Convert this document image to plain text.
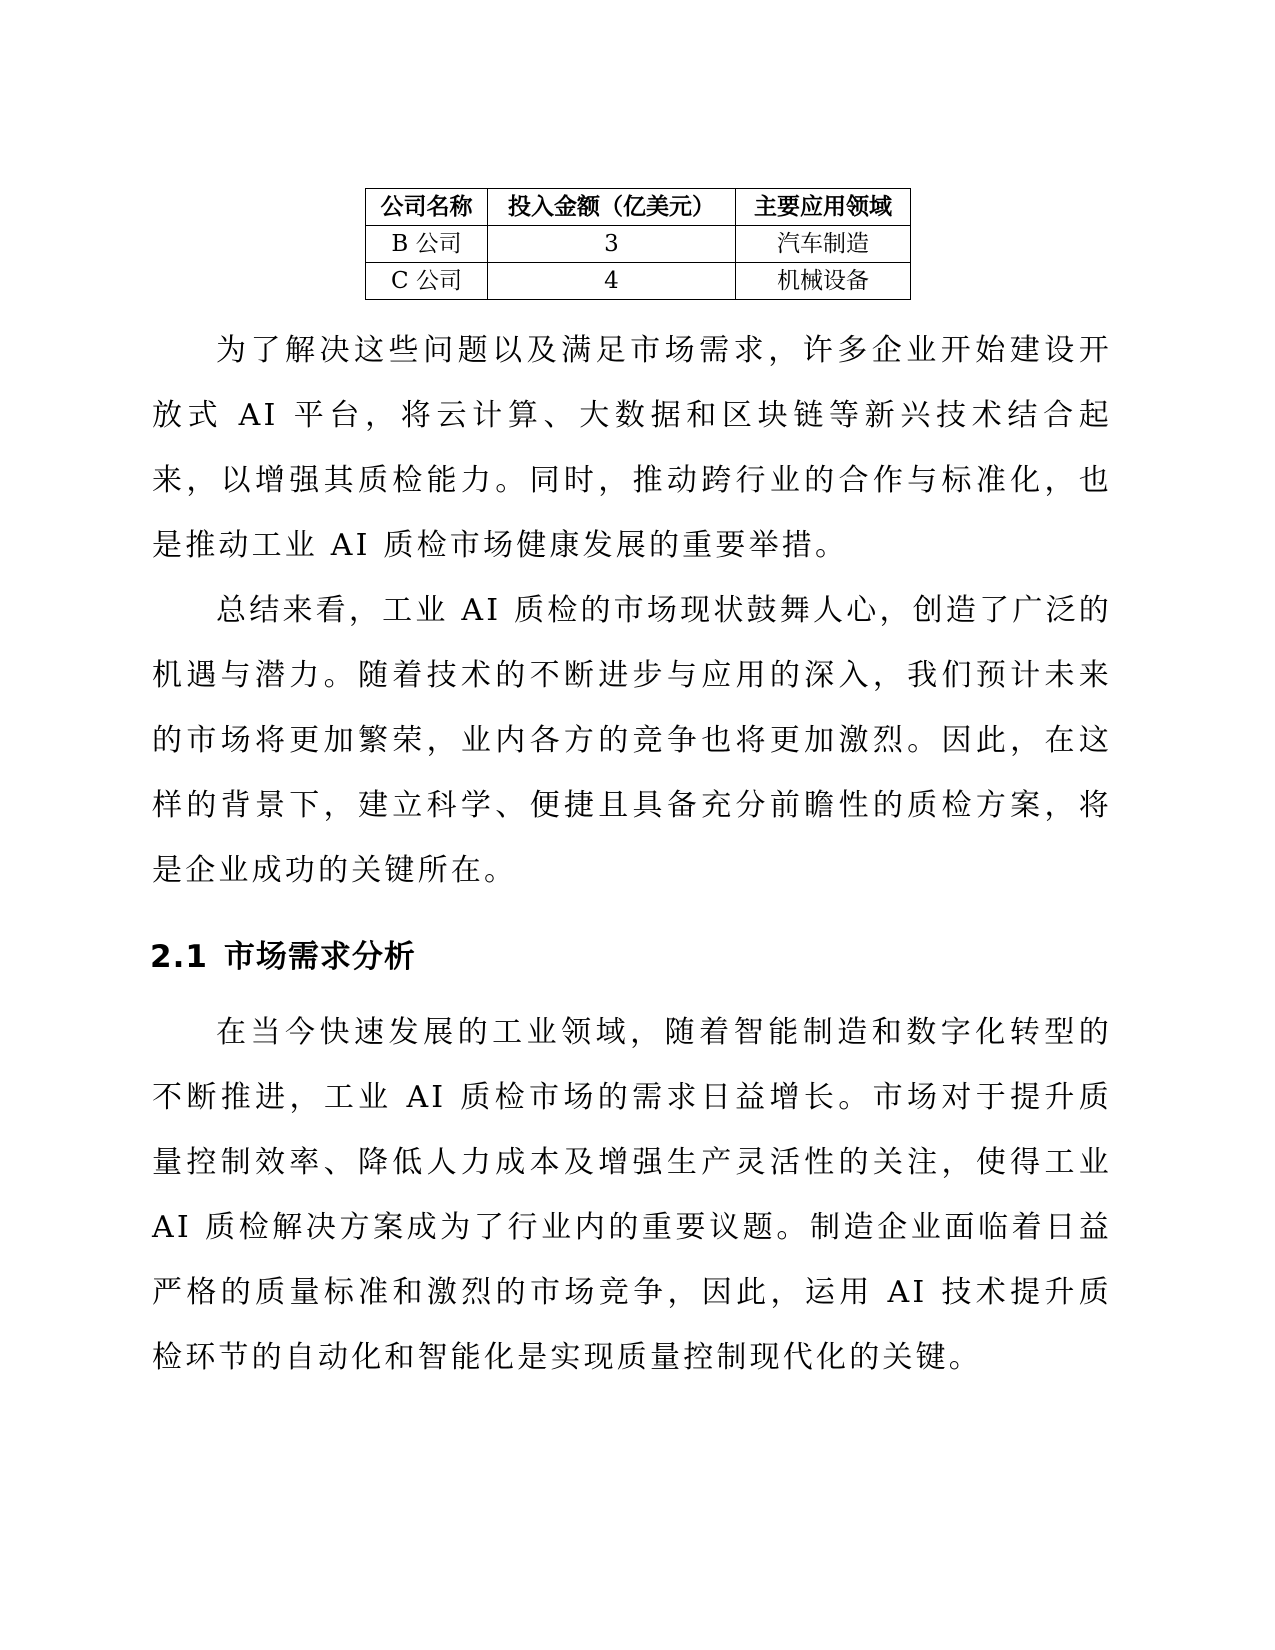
公司名称	投入金额（亿美元）	主要应用领域
B 公司	3	汽车制造
C 公司	4	机械设备

为了解决这些问题以及满足市场需求，许多企业开始建设开放式 AI 平台，将云计算、大数据和区块链等新兴技术结合起来，以增强其质检能力。同时，推动跨行业的合作与标准化，也是推动工业 AI 质检市场健康发展的重要举措。

总结来看，工业 AI 质检的市场现状鼓舞人心，创造了广泛的机遇与潜力。随着技术的不断进步与应用的深入，我们预计未来的市场将更加繁荣，业内各方的竞争也将更加激烈。因此，在这样的背景下，建立科学、便捷且具备充分前瞻性的质检方案，将是企业成功的关键所在。

2.1 市场需求分析

在当今快速发展的工业领域，随着智能制造和数字化转型的不断推进，工业 AI 质检市场的需求日益增长。市场对于提升质量控制效率、降低人力成本及增强生产灵活性的关注，使得工业 AI 质检解决方案成为了行业内的重要议题。制造企业面临着日益严格的质量标准和激烈的市场竞争，因此，运用 AI 技术提升质检环节的自动化和智能化是实现质量控制现代化的关键。
